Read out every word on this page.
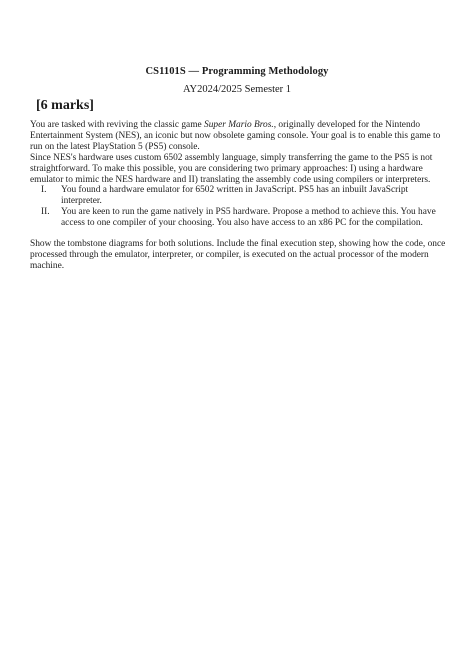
CS1101S — Programming Methodology
AY2024/2025 Semester 1
[6 marks]

You are tasked with reviving the classic game Super Mario Bros., originally developed for the Nintendo Entertainment System (NES), an iconic but now obsolete gaming console. Your goal is to enable this game to run on the latest PlayStation 5 (PS5) console.

Since NES's hardware uses custom 6502 assembly language, simply transferring the game to the PS5 is not straightforward. To make this possible, you are considering two primary approaches: I) using a hardware emulator to mimic the NES hardware and II) translating the assembly code using compilers or interpreters.

I. You found a hardware emulator for 6502 written in JavaScript. PS5 has an inbuilt JavaScript interpreter.
II. You are keen to run the game natively in PS5 hardware. Propose a method to achieve this. You have access to one compiler of your choosing. You also have access to an x86 PC for the compilation.

Show the tombstone diagrams for both solutions. Include the final execution step, showing how the code, once processed through the emulator, interpreter, or compiler, is executed on the actual processor of the modern machine.
